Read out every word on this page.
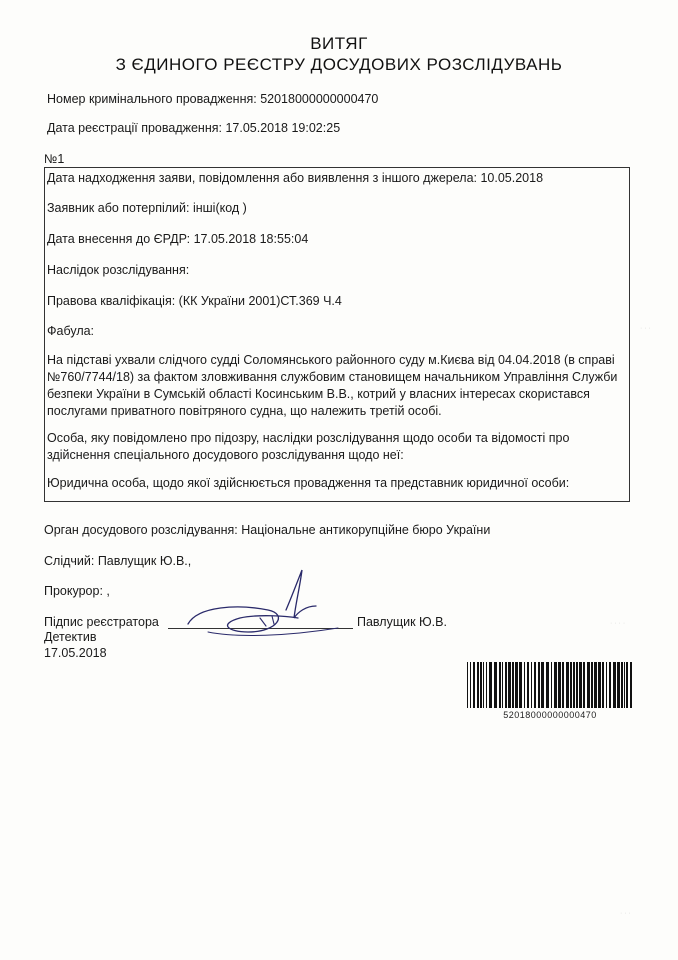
ВИТЯГ
З ЄДИНОГО РЕЄСТРУ ДОСУДОВИХ РОЗСЛІДУВАНЬ
Номер кримінального провадження: 52018000000000470
Дата реєстрації провадження: 17.05.2018 19:02:25
№1
Дата надходження заяви, повідомлення або виявлення з іншого джерела: 10.05.2018
Заявник або потерпілий: інші(код )
Дата внесення до ЄРДР: 17.05.2018 18:55:04
Наслідок розслідування:
Правова кваліфікація: (КК України 2001)СТ.369 Ч.4
Фабула:
На підставі ухвали слідчого судді Соломянського районного суду м.Києва від 04.04.2018 (в справі
№760/7744/18) за фактом зловживання службовим становищем начальником Управління Служби
безпеки України в Сумській області Косинським В.В., котрий у власних інтересах скористався
послугами приватного повітряного судна, що належить третій особі.
Особа, яку повідомлено про підозру, наслідки розслідування щодо особи та відомості про
здійснення спеціального досудового розслідування щодо неї:
Юридична особа, щодо якої здійснюється провадження та представник юридичної особи:
Орган досудового розслідування: Національне антикорупційне бюро України
Слідчий: Павлущик Ю.В.,
Прокурор: ,
Підпис реєстратора	Павлущик Ю.В.
Детектив
17.05.2018
52018000000000470
· · ·
· · · ·
· · ·
